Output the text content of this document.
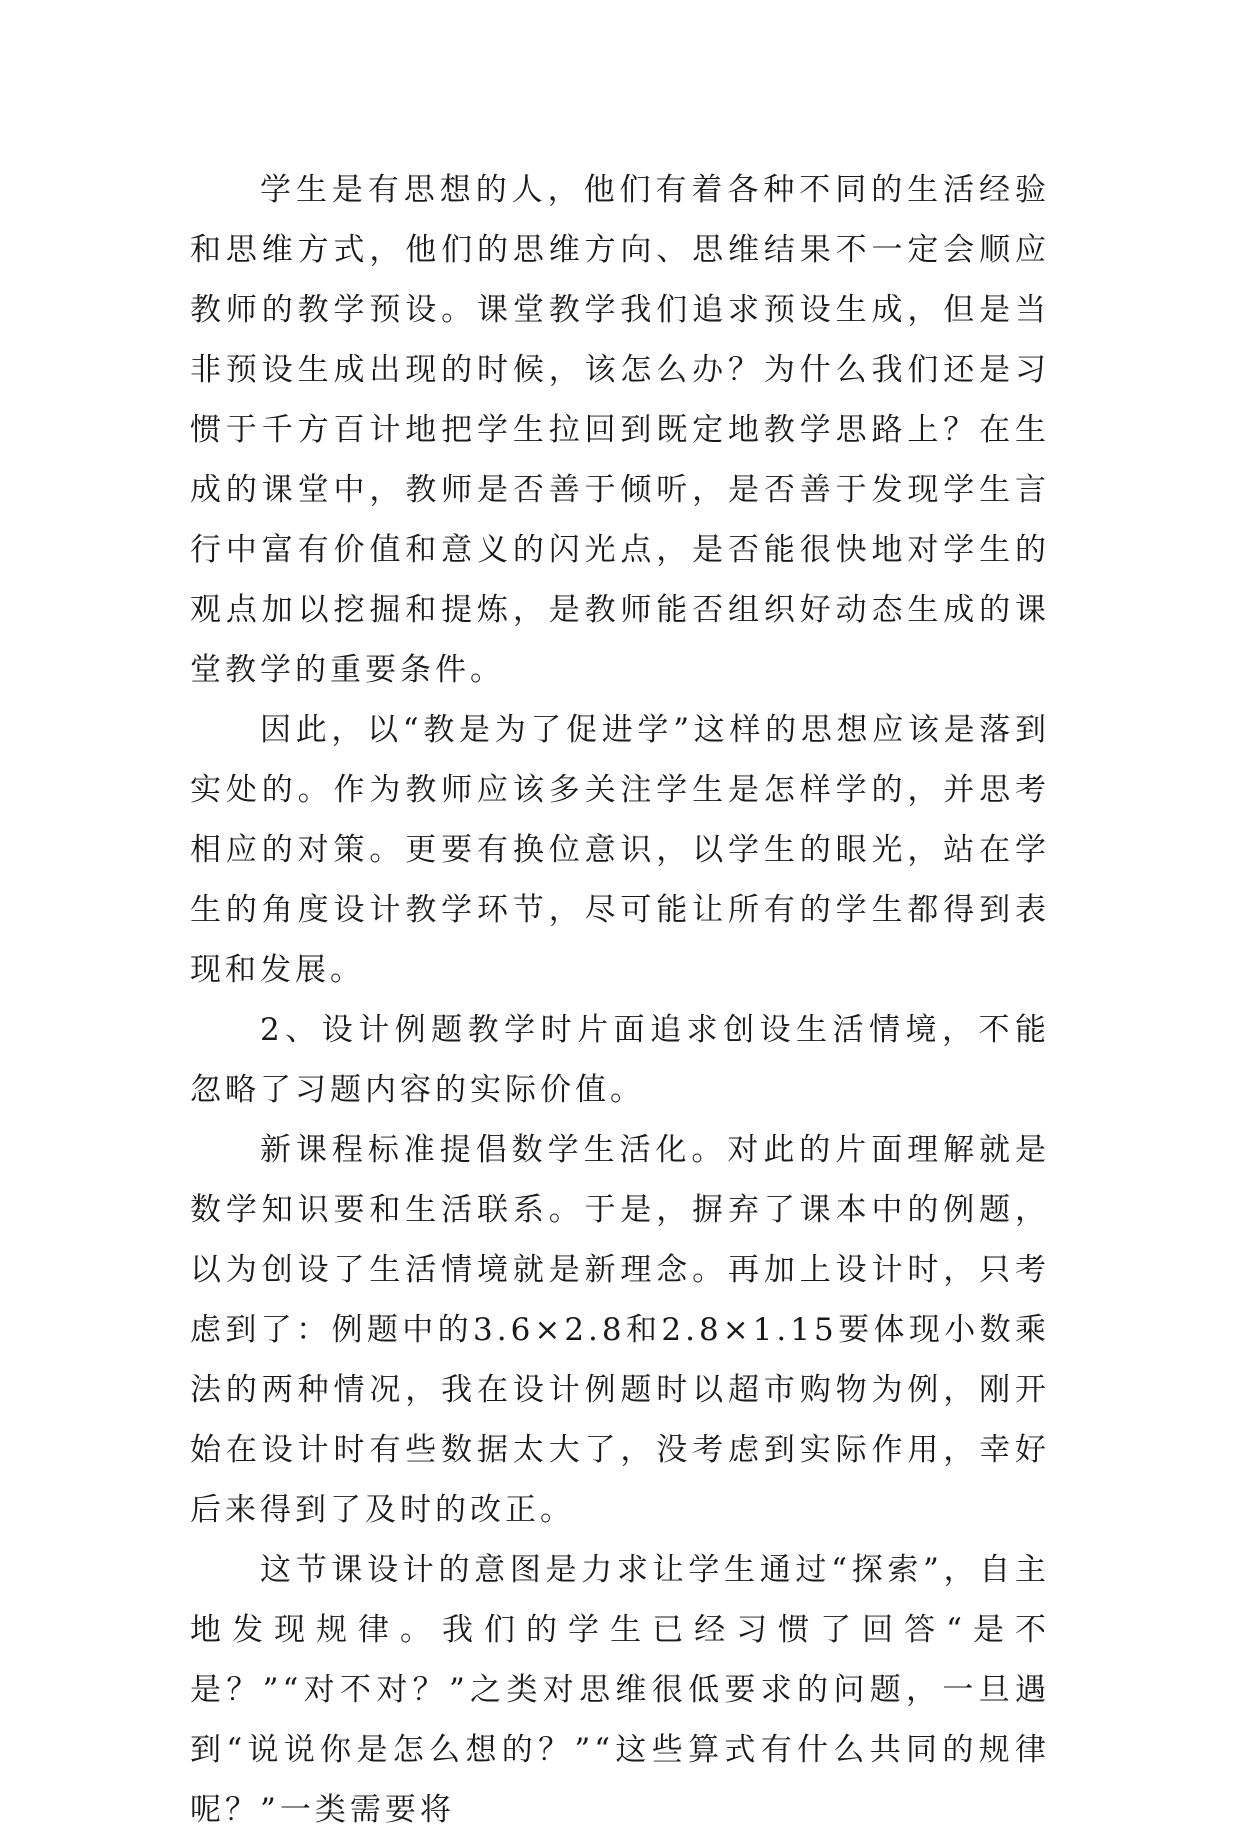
学生是有思想的人，他们有着各种不同的生活经验和思维方式，他们的思维方向、思维结果不一定会顺应教师的教学预设。课堂教学我们追求预设生成，但是当非预设生成出现的时候，该怎么办？为什么我们还是习惯于千方百计地把学生拉回到既定地教学思路上？在生成的课堂中，教师是否善于倾听，是否善于发现学生言行中富有价值和意义的闪光点，是否能很快地对学生的观点加以挖掘和提炼，是教师能否组织好动态生成的课堂教学的重要条件。

因此，以“教是为了促进学”这样的思想应该是落到实处的。作为教师应该多关注学生是怎样学的，并思考相应的对策。更要有换位意识，以学生的眼光，站在学生的角度设计教学环节，尽可能让所有的学生都得到表现和发展。

2、设计例题教学时片面追求创设生活情境，不能忽略了习题内容的实际价值。

新课程标准提倡数学生活化。对此的片面理解就是数学知识要和生活联系。于是，摒弃了课本中的例题，以为创设了生活情境就是新理念。再加上设计时，只考虑到了：例题中的3.6×2.8和2.8×1.15要体现小数乘法的两种情况，我在设计例题时以超市购物为例，刚开始在设计时有些数据太大了，没考虑到实际作用，幸好后来得到了及时的改正。

这节课设计的意图是力求让学生通过“探索”，自主地发现规律。我们的学生已经习惯了回答“是不是？”“对不对？”之类对思维很低要求的问题，一旦遇到“说说你是怎么想的？”“这些算式有什么共同的规律呢？”一类需要将
